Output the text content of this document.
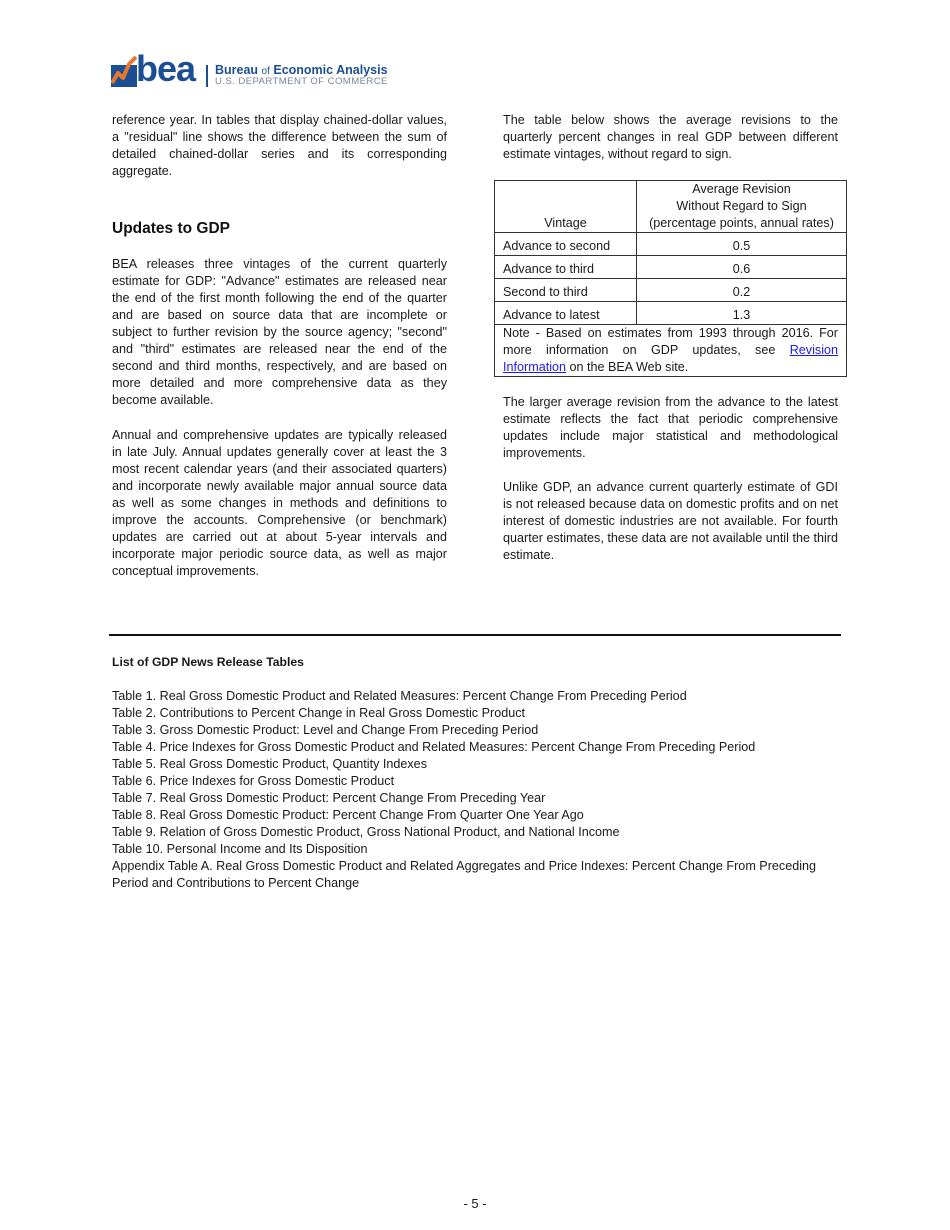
bea Bureau of Economic Analysis
U.S. DEPARTMENT OF COMMERCE

reference year. In tables that display chained-dollar values, a "residual" line shows the difference between the sum of detailed chained-dollar series and its corresponding aggregate.

Updates to GDP

BEA releases three vintages of the current quarterly estimate for GDP: "Advance" estimates are released near the end of the first month following the end of the quarter and are based on source data that are incomplete or subject to further revision by the source agency; "second" and "third" estimates are released near the end of the second and third months, respectively, and are based on more detailed and more comprehensive data as they become available.

Annual and comprehensive updates are typically released in late July. Annual updates generally cover at least the 3 most recent calendar years (and their associated quarters) and incorporate newly available major annual source data as well as some changes in methods and definitions to improve the accounts. Comprehensive (or benchmark) updates are carried out at about 5-year intervals and incorporate major periodic source data, as well as major conceptual improvements.

The table below shows the average revisions to the quarterly percent changes in real GDP between different estimate vintages, without regard to sign.

Vintage	Average Revision
Without Regard to Sign
(percentage points, annual rates)

Advance to second	0.5
Advance to third	0.6
Second to third	0.2
Advance to latest	1.3
Note - Based on estimates from 1993 through 2016. For more information on GDP updates, see Revision Information on the BEA Web site.	

The larger average revision from the advance to the latest estimate reflects the fact that periodic comprehensive updates include major statistical and methodological improvements.

Unlike GDP, an advance current quarterly estimate of GDI is not released because data on domestic profits and on net interest of domestic industries are not available. For fourth quarter estimates, these data are not available until the third estimate.

List of GDP News Release Tables
Table 1. Real Gross Domestic Product and Related Measures: Percent Change From Preceding Period
Table 2. Contributions to Percent Change in Real Gross Domestic Product
Table 3. Gross Domestic Product: Level and Change From Preceding Period
Table 4. Price Indexes for Gross Domestic Product and Related Measures: Percent Change From Preceding Period
Table 5. Real Gross Domestic Product, Quantity Indexes
Table 6. Price Indexes for Gross Domestic Product
Table 7. Real Gross Domestic Product: Percent Change From Preceding Year
Table 8. Real Gross Domestic Product: Percent Change From Quarter One Year Ago
Table 9. Relation of Gross Domestic Product, Gross National Product, and National Income
Table 10. Personal Income and Its Disposition
Appendix Table A. Real Gross Domestic Product and Related Aggregates and Price Indexes: Percent Change From Preceding Period and Contributions to Percent Change
- 5 -
